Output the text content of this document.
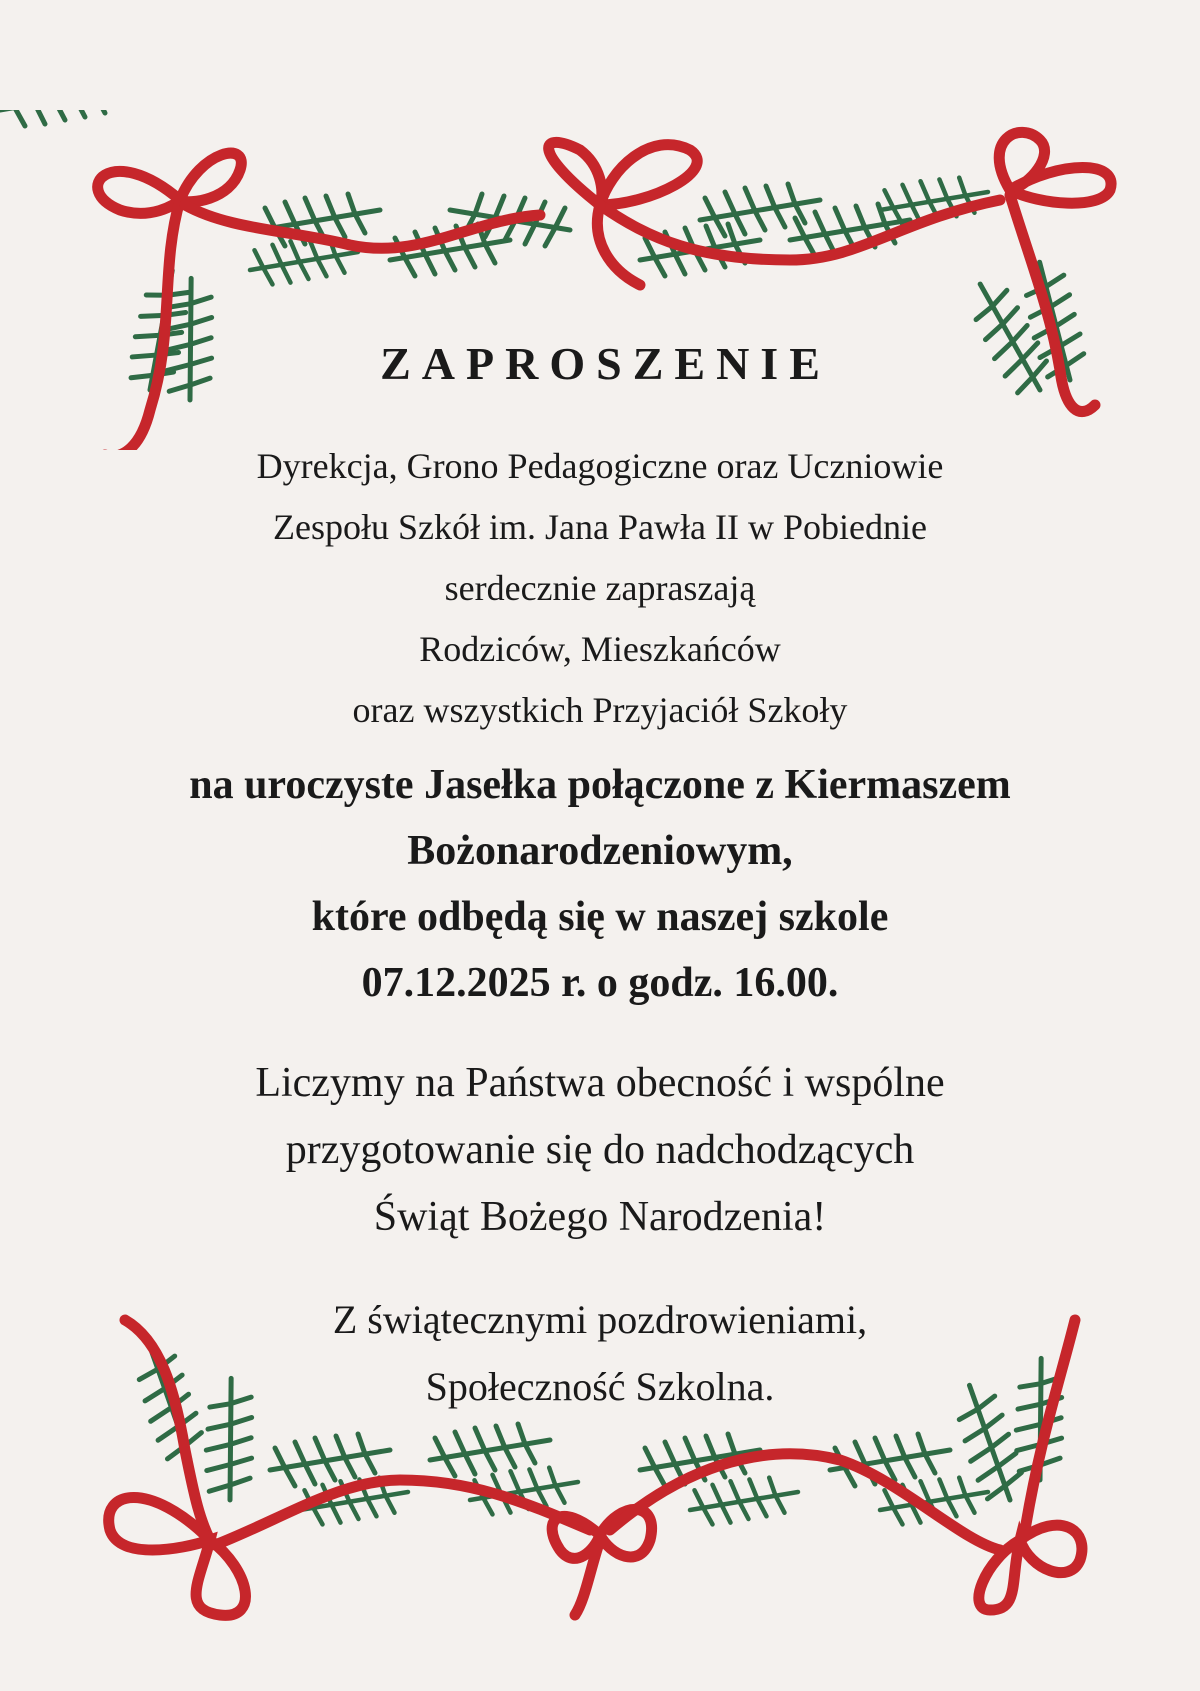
ZAPROSZENIE
Dyrekcja, Grono Pedagogiczne oraz Uczniowie
Zespołu Szkół im. Jana Pawła II w Pobiednie
serdecznie zapraszają
Rodziców, Mieszkańców
oraz wszystkich Przyjaciół Szkoły
na uroczyste Jasełka połączone z Kiermaszem
Bożonarodzeniowym,
które odbędą się w naszej szkole
07.12.2025 r. o godz. 16.00.
Liczymy na Państwa obecność i wspólne
przygotowanie się do nadchodzących
Świąt Bożego Narodzenia!
Z świątecznymi pozdrowieniami,
Społeczność Szkolna.
